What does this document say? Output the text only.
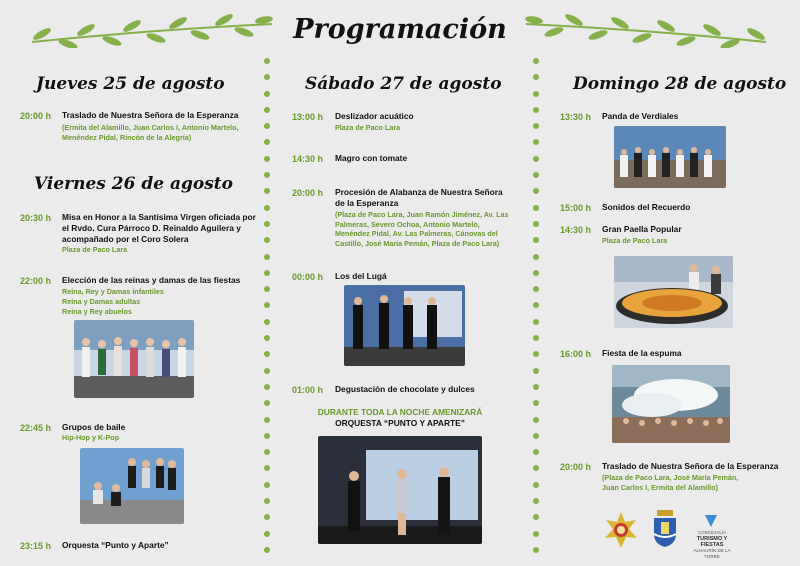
Programación
Jueves 25 de agosto
20:00 h Traslado de Nuestra Señora de la Esperanza
(Ermita del Alamillo, Juan Carlos I, Antonio Martelo, Menéndez Pidal, Rincón de la Alegría)
Viernes 26 de agosto
20:30 h Misa en Honor a la Santísima Virgen oficiada por el Rvdo. Cura Párroco D. Reinaldo Aguilera y acompañado por el Coro Solera
Plaza de Paco Lara
22:00 h Elección de las reinas y damas de las fiestas
Reina, Rey y Damas infantiles
Reina y Damas adultas
Reina y Rey abuelos
22:45 h Grupos de baile
Hip-Hop y K-Pop
23:15 h Orquesta “Punto y Aparte”
Sábado 27 de agosto
13:00 h Deslizador acuático
Plaza de Paco Lara
14:30 h Magro con tomate
20:00 h Procesión de Alabanza de Nuestra Señora de la Esperanza
(Plaza de Paco Lara, Juan Ramón Jiménez, Av. Las Palmeras, Severo Ochoa, Antonio Martelo, Menéndez Pidal, Av. Las Palmeras, Cánovas del Castillo, José María Pemán, Plaza de Paco Lara)
00:00 h Los del Lugá
01:00 h Degustación de chocolate y dulces
DURANTE TODA LA NOCHE AMENIZARÁ
ORQUESTA “PUNTO Y APARTE”
Domingo 28 de agosto
13:30 h Panda de Verdiales
15:00 h Sonidos del Recuerdo
14:30 h Gran Paella Popular
Plaza de Paco Lara
16:00 h Fiesta de la espuma
20:00 h Traslado de Nuestra Señora de la Esperanza
(Plaza de Paco Lara, José María Pemán, Juan Carlos I, Ermita del Alamillo)
CONCEJALÍA
TURISMO Y FIESTAS
ALHAURÍN DE LA TORRE
